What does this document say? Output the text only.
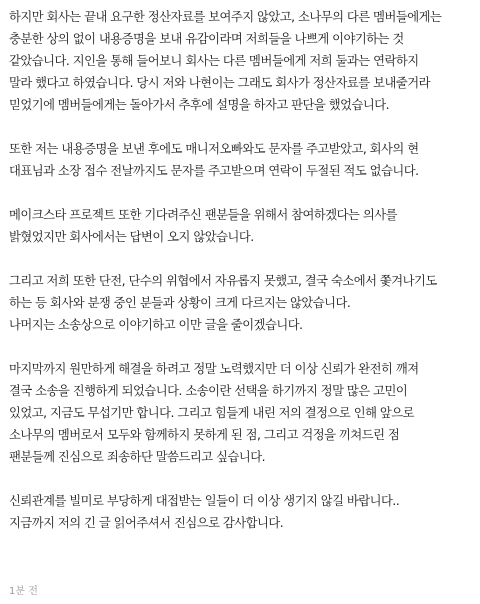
하지만 회사는 끝내 요구한 정산자료를 보여주지 않았고, 소나무의 다른 멤버들에게는
충분한 상의 없이 내용증명을 보내 유감이라며 저희들을 나쁘게 이야기하는 것
같았습니다. 지인을 통해 들어보니 회사는 다른 멤버들에게 저희 둘과는 연락하지
말라 했다고 하였습니다. 당시 저와 나현이는 그래도 회사가 정산자료를 보내줄거라
믿었기에 멤버들에게는 돌아가서 추후에 설명을 하자고 판단을 했었습니다.
또한 저는 내용증명을 보낸 후에도 매니저오빠와도 문자를 주고받았고, 회사의 현
대표님과 소장 접수 전날까지도 문자를 주고받으며 연락이 두절된 적도 없습니다.
메이크스타 프로젝트 또한 기다려주신 팬분들을 위해서 참여하겠다는 의사를
밝혔었지만 회사에서는 답변이 오지 않았습니다.
그리고 저희 또한 단전, 단수의 위협에서 자유롭지 못했고, 결국 숙소에서 쫓겨나기도
하는 등 회사와 분쟁 중인 분들과 상황이 크게 다르지는 않았습니다.
나머지는 소송상으로 이야기하고 이만 글을 줄이겠습니다.
마지막까지 원만하게 해결을 하려고 정말 노력했지만 더 이상 신뢰가 완전히 깨져
결국 소송을 진행하게 되었습니다. 소송이란 선택을 하기까지 정말 많은 고민이
있었고, 지금도 무섭기만 합니다. 그리고 힘들게 내린 저의 결정으로 인해 앞으로
소나무의 멤버로서 모두와 함께하지 못하게 된 점, 그리고 걱정을 끼쳐드린 점
팬분들께 진심으로 죄송하단 말씀드리고 싶습니다.
신뢰관계를 빌미로 부당하게 대접받는 일들이 더 이상 생기지 않길 바랍니다..
지금까지 저의 긴 글 읽어주셔서 진심으로 감사합니다.
1분 전
